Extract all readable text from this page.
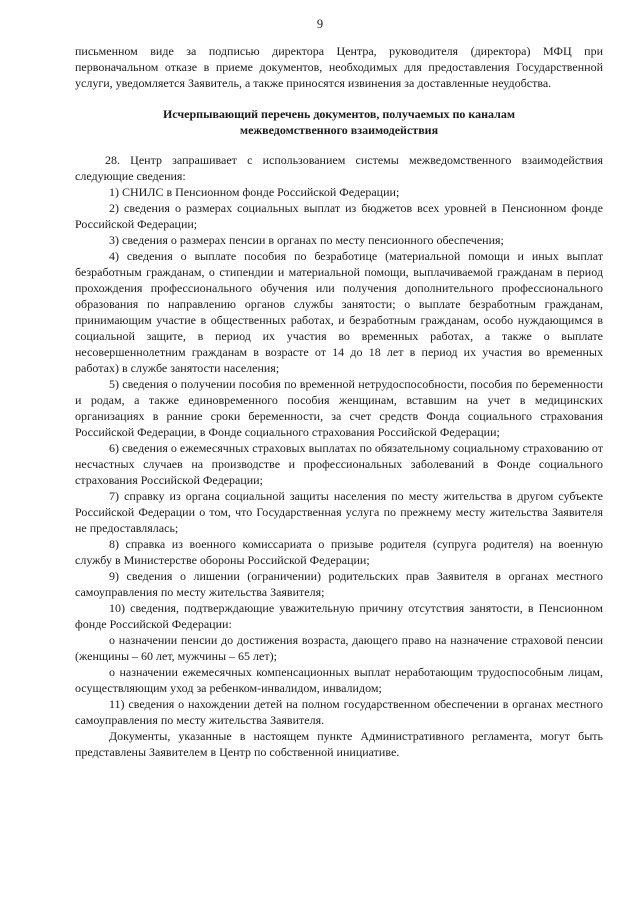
9

письменном виде за подписью директора Центра, руководителя (директора) МФЦ при первоначальном отказе в приеме документов, необходимых для предоставления Государственной услуги, уведомляется Заявитель, а также приносятся извинения за доставленные неудобства.

Исчерпывающий перечень документов, получаемых по каналам
межведомственного взаимодействия

28. Центр запрашивает с использованием системы межведомственного взаимодействия следующие сведения:

1) СНИЛС в Пенсионном фонде Российской Федерации;

2) сведения о размерах социальных выплат из бюджетов всех уровней в Пенсионном фонде Российской Федерации;

3) сведения о размерах пенсии в органах по месту пенсионного обеспечения;

4) сведения о выплате пособия по безработице (материальной помощи и иных выплат безработным гражданам, о стипендии и материальной помощи, выплачиваемой гражданам в период прохождения профессионального обучения или получения дополнительного профессионального образования по направлению органов службы занятости; о выплате безработным гражданам, принимающим участие в общественных работах, и безработным гражданам, особо нуждающимся в социальной защите, в период их участия во временных работах, а также о выплате несовершеннолетним гражданам в возрасте от 14 до 18 лет в период их участия во временных работах) в службе занятости населения;

5) сведения о получении пособия по временной нетрудоспособности, пособия по беременности и родам, а также единовременного пособия женщинам, вставшим на учет в медицинских организациях в ранние сроки беременности, за счет средств Фонда социального страхования Российской Федерации, в Фонде социального страхования Российской Федерации;

6) сведения о ежемесячных страховых выплатах по обязательному социальному страхованию от несчастных случаев на производстве и профессиональных заболеваний в Фонде социального страхования Российской Федерации;

7) справку из органа социальной защиты населения по месту жительства в другом субъекте Российской Федерации о том, что Государственная услуга по прежнему месту жительства Заявителя не предоставлялась;

8) справка из военного комиссариата о призыве родителя (супруга родителя) на военную службу в Министерстве обороны Российской Федерации;

9) сведения о лишении (ограничении) родительских прав Заявителя в органах местного самоуправления по месту жительства Заявителя;

10) сведения, подтверждающие уважительную причину отсутствия занятости, в Пенсионном фонде Российской Федерации:

о назначении пенсии до достижения возраста, дающего право на назначение страховой пенсии (женщины – 60 лет, мужчины – 65 лет);

о назначении ежемесячных компенсационных выплат неработающим трудоспособным лицам, осуществляющим уход за ребенком-инвалидом, инвалидом;

11) сведения о нахождении детей на полном государственном обеспечении в органах местного самоуправления по месту жительства Заявителя.

Документы, указанные в настоящем пункте Административного регламента, могут быть представлены Заявителем в Центр по собственной инициативе.
